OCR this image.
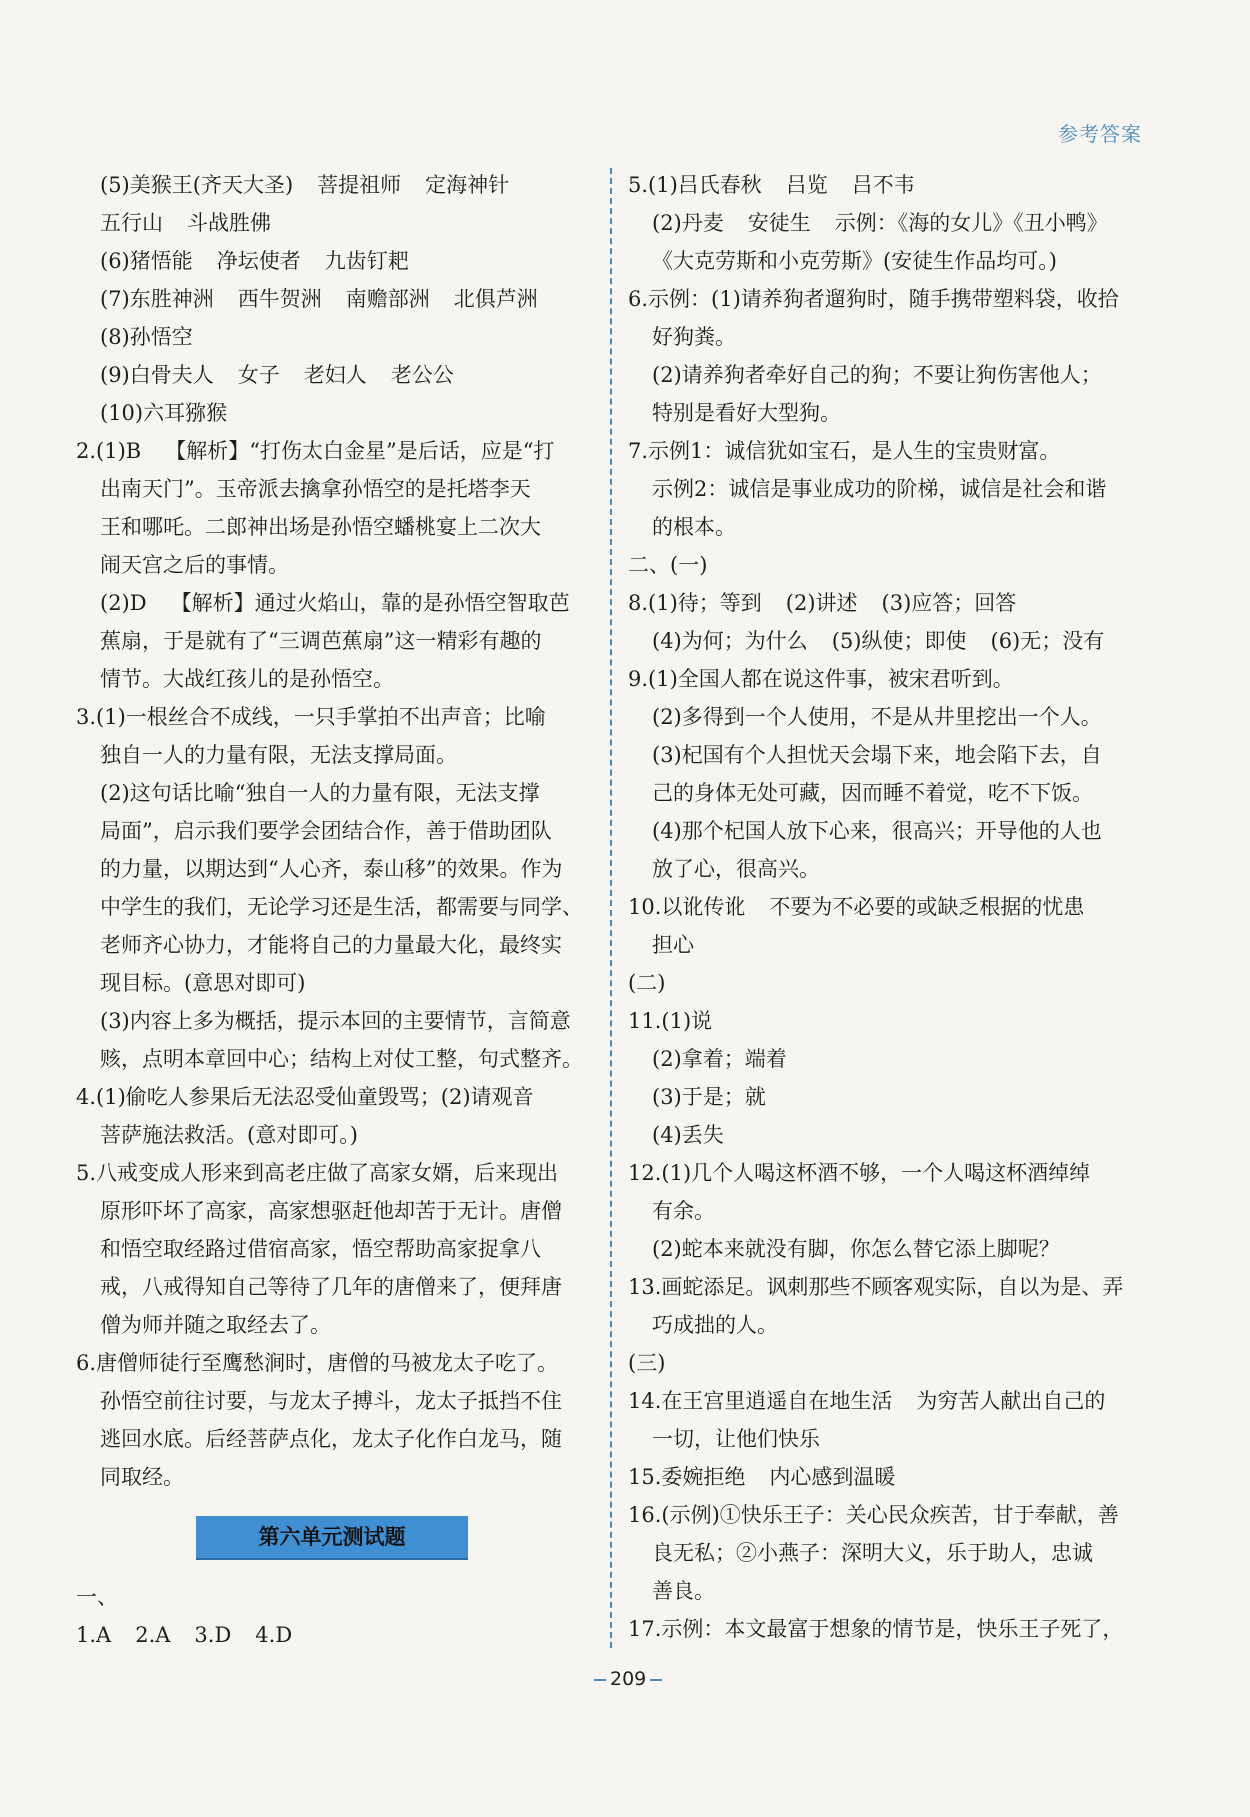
参考答案
(5)美猴王(齐天大圣) 菩提祖师 定海神针
五行山 斗战胜佛
(6)猪悟能 净坛使者 九齿钉耙
(7)东胜神洲 西牛贺洲 南赡部洲 北俱芦洲
(8)孙悟空
(9)白骨夫人 女子 老妇人 老公公
(10)六耳猕猴
2.(1)B 【解析】“打伤太白金星”是后话，应是“打
出南天门”。玉帝派去擒拿孙悟空的是托塔李天
王和哪吒。二郎神出场是孙悟空蟠桃宴上二次大
闹天宫之后的事情。
(2)D 【解析】通过火焰山，靠的是孙悟空智取芭
蕉扇，于是就有了“三调芭蕉扇”这一精彩有趣的
情节。大战红孩儿的是孙悟空。
3.(1)一根丝合不成线，一只手掌拍不出声音；比喻
独自一人的力量有限，无法支撑局面。
(2)这句话比喻“独自一人的力量有限，无法支撑
局面”，启示我们要学会团结合作，善于借助团队
的力量，以期达到“人心齐，泰山移”的效果。作为
中学生的我们，无论学习还是生活，都需要与同学、
老师齐心协力，才能将自己的力量最大化，最终实
现目标。(意思对即可)
(3)内容上多为概括，提示本回的主要情节，言简意
赅，点明本章回中心；结构上对仗工整，句式整齐。
4.(1)偷吃人参果后无法忍受仙童毁骂；(2)请观音
菩萨施法救活。(意对即可。)
5.八戒变成人形来到高老庄做了高家女婿，后来现出
原形吓坏了高家，高家想驱赶他却苦于无计。唐僧
和悟空取经路过借宿高家，悟空帮助高家捉拿八
戒，八戒得知自己等待了几年的唐僧来了，便拜唐
僧为师并随之取经去了。
6.唐僧师徒行至鹰愁涧时，唐僧的马被龙太子吃了。
孙悟空前往讨要，与龙太子搏斗，龙太子抵挡不住
逃回水底。后经菩萨点化，龙太子化作白龙马，随
同取经。
第六单元测试题
一、
1.A 2.A 3.D 4.D
5.(1)吕氏春秋 吕览 吕不韦
(2)丹麦 安徒生 示例：《海的女儿》《丑小鸭》
《大克劳斯和小克劳斯》(安徒生作品均可。)
6.示例：(1)请养狗者遛狗时，随手携带塑料袋，收拾
好狗粪。
(2)请养狗者牵好自己的狗；不要让狗伤害他人；
特别是看好大型狗。
7.示例1：诚信犹如宝石，是人生的宝贵财富。
示例2：诚信是事业成功的阶梯，诚信是社会和谐
的根本。
二、(一)
8.(1)待；等到 (2)讲述 (3)应答；回答
(4)为何；为什么 (5)纵使；即使 (6)无；没有
9.(1)全国人都在说这件事，被宋君听到。
(2)多得到一个人使用，不是从井里挖出一个人。
(3)杞国有个人担忧天会塌下来，地会陷下去，自
己的身体无处可藏，因而睡不着觉，吃不下饭。
(4)那个杞国人放下心来，很高兴；开导他的人也
放了心，很高兴。
10.以讹传讹 不要为不必要的或缺乏根据的忧患
担心
(二)
11.(1)说
(2)拿着；端着
(3)于是；就
(4)丢失
12.(1)几个人喝这杯酒不够，一个人喝这杯酒绰绰
有余。
(2)蛇本来就没有脚，你怎么替它添上脚呢？
13.画蛇添足。讽刺那些不顾客观实际，自以为是、弄
巧成拙的人。
(三)
14.在王宫里逍遥自在地生活 为穷苦人献出自己的
一切，让他们快乐
15.委婉拒绝 内心感到温暖
16.(示例)①快乐王子：关心民众疾苦，甘于奉献，善
良无私；②小燕子：深明大义，乐于助人，忠诚
善良。
17.示例：本文最富于想象的情节是，快乐王子死了，
209
